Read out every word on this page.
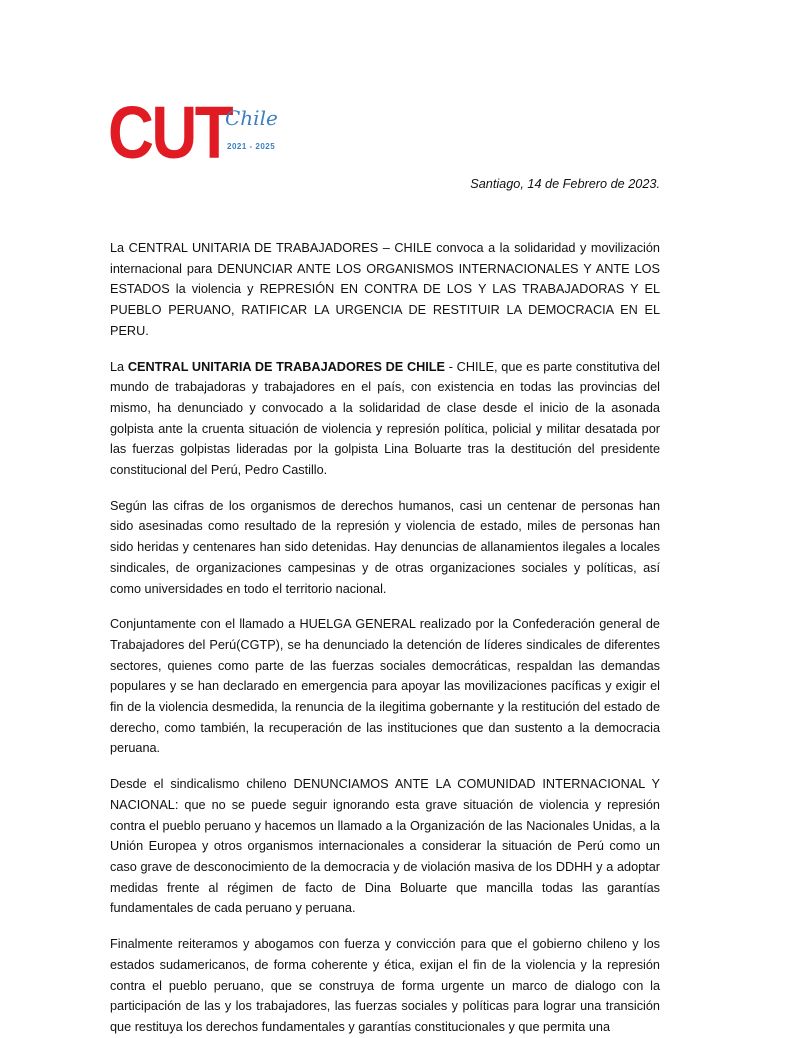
CUT
Chile
2021 - 2025
Santiago, 14 de Febrero de 2023.

La CENTRAL UNITARIA DE TRABAJADORES – CHILE convoca a la solidaridad y movilización internacional para DENUNCIAR ANTE LOS ORGANISMOS INTERNACIONALES Y ANTE LOS ESTADOS la violencia y REPRESIÓN EN CONTRA DE LOS Y LAS TRABAJADORAS Y EL PUEBLO PERUANO, RATIFICAR LA URGENCIA DE RESTITUIR LA DEMOCRACIA EN EL PERU.

La CENTRAL UNITARIA DE TRABAJADORES DE CHILE - CHILE, que es parte constitutiva del mundo de trabajadoras y trabajadores en el país, con existencia en todas las provincias del mismo, ha denunciado y convocado a la solidaridad de clase desde el inicio de la asonada golpista ante la cruenta situación de violencia y represión política, policial y militar desatada por las fuerzas golpistas lideradas por la golpista Lina Boluarte tras la destitución del presidente constitucional del Perú, Pedro Castillo.

Según las cifras de los organismos de derechos humanos, casi un centenar de personas han sido asesinadas como resultado de la represión y violencia de estado, miles de personas han sido heridas y centenares han sido detenidas. Hay denuncias de allanamientos ilegales a locales sindicales, de organizaciones campesinas y de otras organizaciones sociales y políticas, así como universidades en todo el territorio nacional.

Conjuntamente con el llamado a HUELGA GENERAL realizado por la Confederación general de Trabajadores del Perú(CGTP), se ha denunciado la detención de líderes sindicales de diferentes sectores, quienes como parte de las fuerzas sociales democráticas, respaldan las demandas populares y se han declarado en emergencia para apoyar las movilizaciones pacíficas y exigir el fin de la violencia desmedida, la renuncia de la ilegitima gobernante y la restitución del estado de derecho, como también, la recuperación de las instituciones que dan sustento a la democracia peruana.

Desde el sindicalismo chileno DENUNCIAMOS ANTE LA COMUNIDAD INTERNACIONAL Y NACIONAL: que no se puede seguir ignorando esta grave situación de violencia y represión contra el pueblo peruano y hacemos un llamado a la Organización de las Nacionales Unidas, a la Unión Europea y otros organismos internacionales a considerar la situación de Perú como un caso grave de desconocimiento de la democracia y de violación masiva de los DDHH y a adoptar medidas frente al régimen de facto de Dina Boluarte que mancilla todas las garantías fundamentales de cada peruano y peruana.

Finalmente reiteramos y abogamos con fuerza y convicción para que el gobierno chileno y los estados sudamericanos, de forma coherente y ética, exijan el fin de la violencia y la represión contra el pueblo peruano, que se construya de forma urgente un marco de dialogo con la participación de las y los trabajadores, las fuerzas sociales y políticas para lograr una transición que restituya los derechos fundamentales y garantías constitucionales y que permita una
